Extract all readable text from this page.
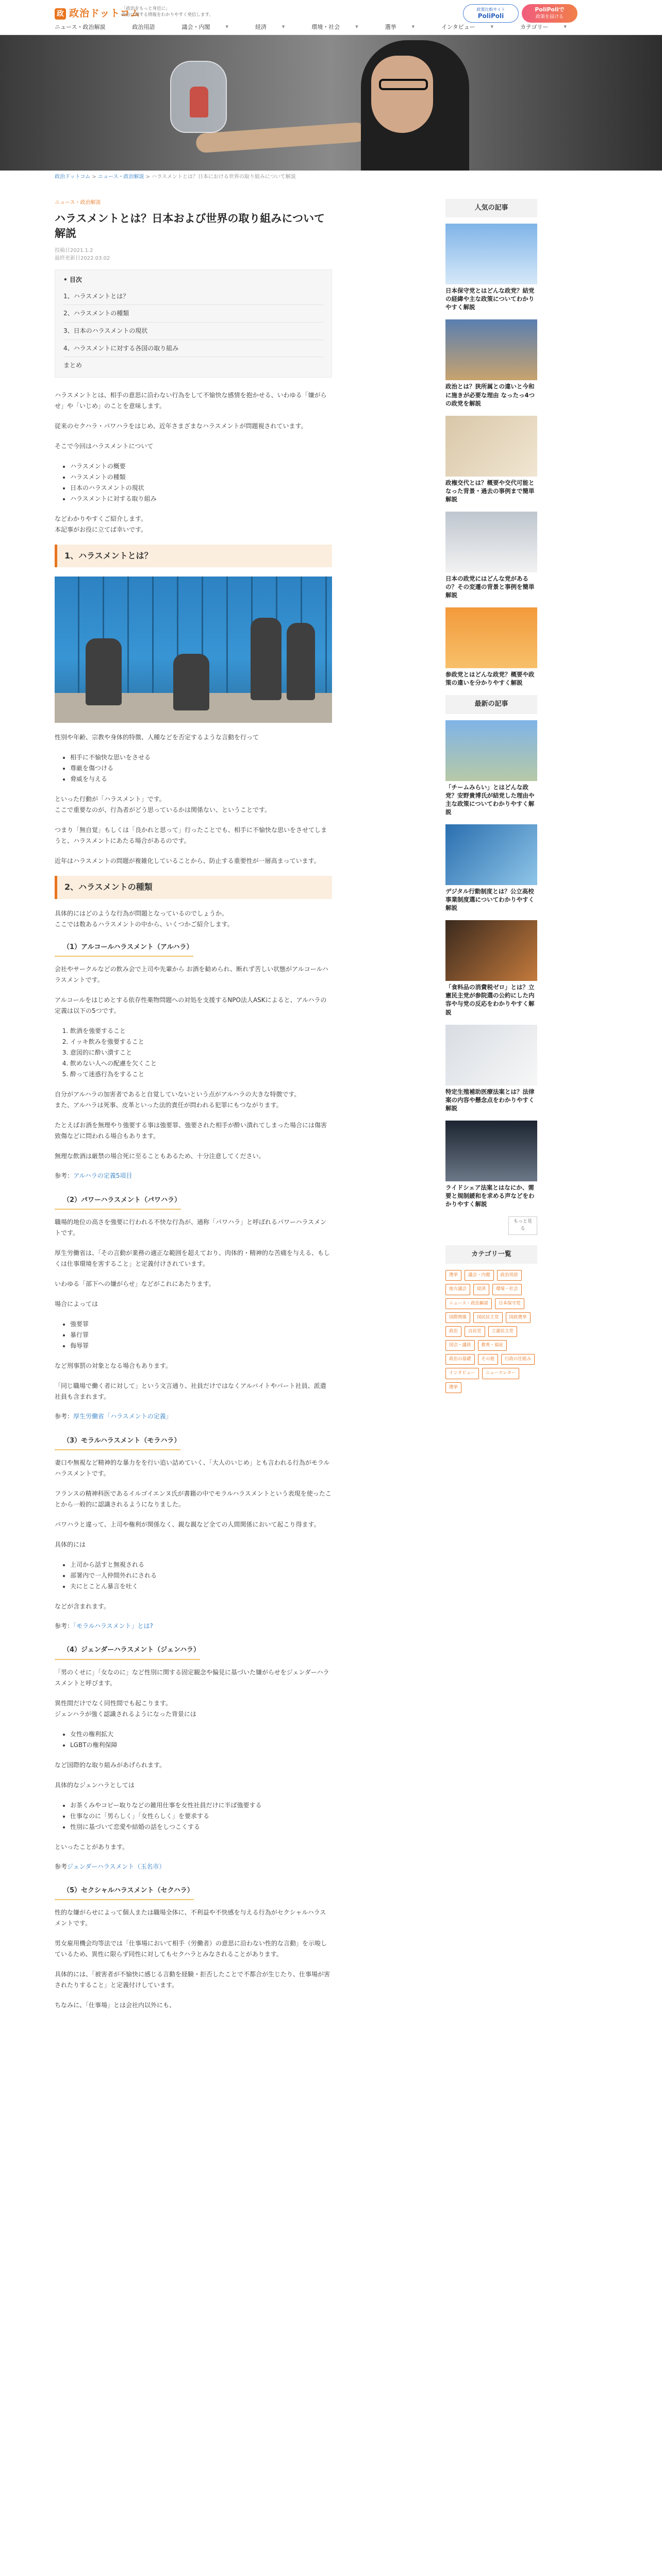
政 政治ドットコム
「政治をもっと身近に」
政治に関する情報をわかりやすく発信します。
ニュース・政治解説	政治用語	議会・内閣	▼	経済	▼	環境・社会	▼	選挙	▼	インタビュー	▼	カテゴリー	▼
政策比較サイト
PoliPoli
PoliPoliで
政策を届ける
政治ドットコム > ニュース・政治解説 > ハラスメントとは？日本における世界の取り組みについて解説
ニュース・政治解説
ハラスメントとは？日本および世界の取り組みについて解説
投稿日2021.1.2
最終更新日2022.03.02
• 目次
1、ハラスメントとは？
2、ハラスメントの種類
3、日本のハラスメントの現状
4、ハラスメントに対する各国の取り組み
まとめ

ハラスメントとは、相手の意思に沿わない行為をして不愉快な感情を抱かせる、いわゆる「嫌がらせ」や「いじめ」のことを意味します。

従来のセクハラ・パワハラをはじめ、近年さまざまなハラスメントが問題視されています。

そこで今回はハラスメントについて

• ハラスメントの概要
• ハラスメントの種類
• 日本のハラスメントの現状
• ハラスメントに対する取り組み

などわかりやすくご紹介します。
本記事がお役に立てば幸いです。

1、ハラスメントとは？

性別や年齢、宗教や身体的特徴、人種などを否定するような言動を行って

• 相手に不愉快な思いをさせる
• 尊厳を傷つける
• 脅威を与える

といった行動が「ハラスメント」です。
ここで重要なのが、行為者がどう思っているかは関係ない、ということです。

つまり「無自覚」もしくは「良かれと思って」行ったことでも、相手に不愉快な思いをさせてしまうと、ハラスメントにあたる場合があるのです。

近年はハラスメントの問題が複雑化していることから、防止する重要性が一層高まっています。

2、ハラスメントの種類

具体的にはどのような行為が問題となっているのでしょうか。
ここでは数あるハラスメントの中から、いくつかご紹介します。

（1）アルコールハラスメント（アルハラ）

会社やサークルなどの飲み会で上司や先輩から お酒を勧められ、断れず苦しい状態がアルコールハラスメントです。

アルコールをはじめとする依存性薬物問題への対処を支援するNPO法人ASKによると、アルハラの定義は以下の5つです。

1. 飲酒を強要すること
2. イッキ飲みを強要すること
3. 意図的に酔い潰すこと
4. 飲めない人への配慮を欠くこと
5. 酔って迷惑行為をすること

自分がアルハラの加害者であると自覚していないという点がアルハラの大きな特徴です。
また、アルハラは死事、皮革といった法的責任が問われる犯罪にもつながります。

たとえばお酒を無理やり強要する事は強要罪、強要された相手が酔い潰れてしまった場合には傷害致傷などに問われる場合もあります。

無理な飲酒は厳禁の場合死に至ることもあるため、十分注意してください。

参考：アルハラの定義5項目
（2）パワーハラスメント（パワハラ）

職場的地位の高さを強要に行われる不快な行為が、通称「パワハラ」と呼ばれるパワーハラスメントです。

厚生労働省は、「その言動が業務の適正な範囲を超えており、肉体的・精神的な苦痛を与える、もしくは仕事環境を害すること」と定義付けされています。

いわゆる「部下への嫌がらせ」などがこれにあたります。

場合によっては

• 強要罪
• 暴行罪
• 侮辱罪

など刑事罰の対象となる場合もあります。

「同じ職場で働く者に対して」という文言通り、社員だけではなくアルバイトやパート社員、派遣社員も含まれます。

参考：厚生労働省「ハラスメントの定義」
（3）モラルハラスメント（モラハラ）

妻口や無視など精神的な暴力をを行い追い詰めていく、「大人のいじめ」とも言われる行為がモラルハラスメントです。

フランスの精神科医であるイルゴイエンヌ氏が書籍の中でモラルハラスメントという表現を使ったことから一般的に認識されるようになりました。

パワハラと違って、上司や権利が関係なく、親な親など全ての人間関係において起こり得ます。

具体的には

• 上司から話すと無視される
• 部署内で一人仲間外れにされる
• 夫にとことん暴言を吐く

などが含まれます。

参考：「モラルハラスメント」とは?
（4）ジェンダーハラスメント（ジェンハラ）

「男のくせに」「女なのに」など性別に関する固定観念や偏見に基づいた嫌がらせをジェンダーハラスメントと呼びます。

異性間だけでなく同性間でも起こります。
ジェンハラが強く認識されるようになった背景には

• 女性の権利拡大
• LGBTの権利保障

など国際的な取り組みがあげられます。

具体的なジェンハラとしては

• お茶くみやコピー取りなどの雑用仕事を女性社員だけに半ば強要する
• 仕事なのに「男らしく」「女性らしく」を要求する
• 性別に基づいて恋愛や結婚の話をしつこくする

といったことがあります。

参考ジェンダーハラスメント（玉名市）
（5）セクシャルハラスメント（セクハラ）

性的な嫌がらせによって個人または職場全体に、不利益や不快感を与える行為がセクシャルハラスメントです。

男女雇用機会均等法では「仕事場において相手（労働者）の意思に沿わない性的な言動」を示唆しているため、異性に限らず同性に対してもセクハラとみなされることがあります。

具体的には、「被害者が不愉快に感じる言動を経験・拒否したことで不都合が生じたり、仕事場が害されたりすること」と定義付けしています。

ちなみに、「仕事場」とは会社内以外にも、

人気の記事
日本保守党とはどんな政党？結党の経緯や主な政策についてわかりやすく解説
政治とは？狭所属との違いと今和に施きが必要な理由 なったっ4つの政党を解説
政権交代とは？概要や交代可能となった背景・過去の事例まで簡単解説
日本の政党にはどんな党があるの？その変遷の背景と事例を簡単解説
参政党とはどんな政党？概要や政策の違いを分かりやすく解説
最新の記事
「チームみらい」とはどんな政党？安野貴博氏が結党した理由や主な政策についてわかりやすく解説
デジタル行動制度とは？公立高校事業制度選についてわかりやすく解説
「食料品の消費税ゼロ」とは？立憲民主党が参院選の公約にした内容や与党の反応をわかりやすく解説
特定生殖補助医療法案とは？法律案の内容や懸念点をわかりやすく解説
ライドシェア法案とはなにか、需要と規制緩和を求める声などをわかりやすく解説
もっと見る
カテゴリ一覧
選挙	議会・内閣	政治用語
地方議会	経済	環境・社会
ニュース・政治解説	日本保守党
国際関係	国民民主党	国政選挙
政治	自民党	立憲民主党
国会・議員	教育・福祉
政治の基礎	その他	行政の仕組み
インタビュー	ニュースレター
選挙
